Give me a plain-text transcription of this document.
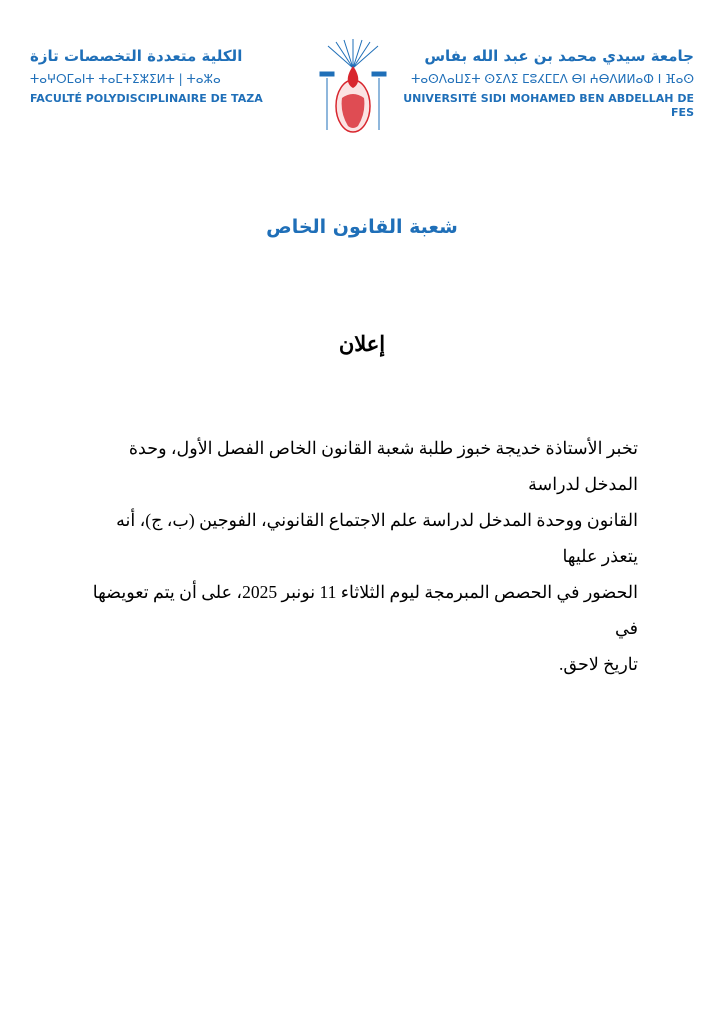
الكلية متعددة التخصصات تازة
ⵜⴰⵖⵔⵎⴰⵏⵜ ⵜⴰⵎⵜⵉⵣⵉⵍⵜ | ⵜⴰⵣⴰ
FACULTÉ POLYDISCIPLINAIRE DE TAZA
جامعة سيدي محمد بن عبد الله بفاس
ⵜⴰⵙⴷⴰⵡⵉⵜ ⵙⵉⴷⵉ ⵎⵓⵃⵎⵎⴷ ⴱⵏ ⵄⴱⴷⵍⵍⴰⵀ ⵏ ⴼⴰⵙ
UNIVERSITÉ SIDI MOHAMED BEN ABDELLAH DE FES
شعبة القانون الخاص
إعلان
تخبر الأستاذة خديجة خبوز طلبة شعبة القانون الخاص الفصل الأول، وحدة المدخل لدراسة
القانون ووحدة المدخل لدراسة علم الاجتماع القانوني، الفوجين (ب، ج)، أنه يتعذر عليها
الحضور في الحصص المبرمجة ليوم الثلاثاء 11 نونبر 2025، على أن يتم تعويضها في
تاريخ لاحق.
